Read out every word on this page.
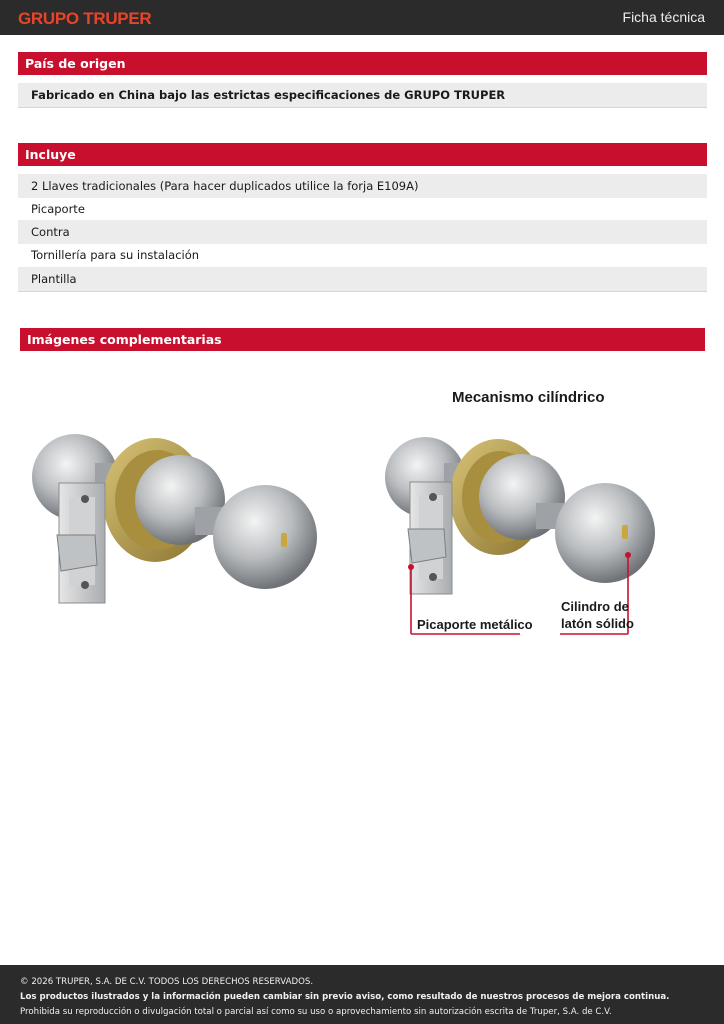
GRUPO TRUPER	Ficha técnica
País de origen
Fabricado en China bajo las estrictas especificaciones de GRUPO TRUPER
Incluye
2 Llaves tradicionales (Para hacer duplicados utilice la forja E109A)
Picaporte
Contra
Tornillería para su instalación
Plantilla
Imágenes complementarias
Mecanismo cilíndrico
Picaporte metálico
Cilindro de
latón sólido
© 2026 TRUPER, S.A. DE C.V. TODOS LOS DERECHOS RESERVADOS.
Los productos ilustrados y la información pueden cambiar sin previo aviso, como resultado de nuestros procesos de mejora continua.
Prohibida su reproducción o divulgación total o parcial así como su uso o aprovechamiento sin autorización escrita de Truper, S.A. de C.V.
